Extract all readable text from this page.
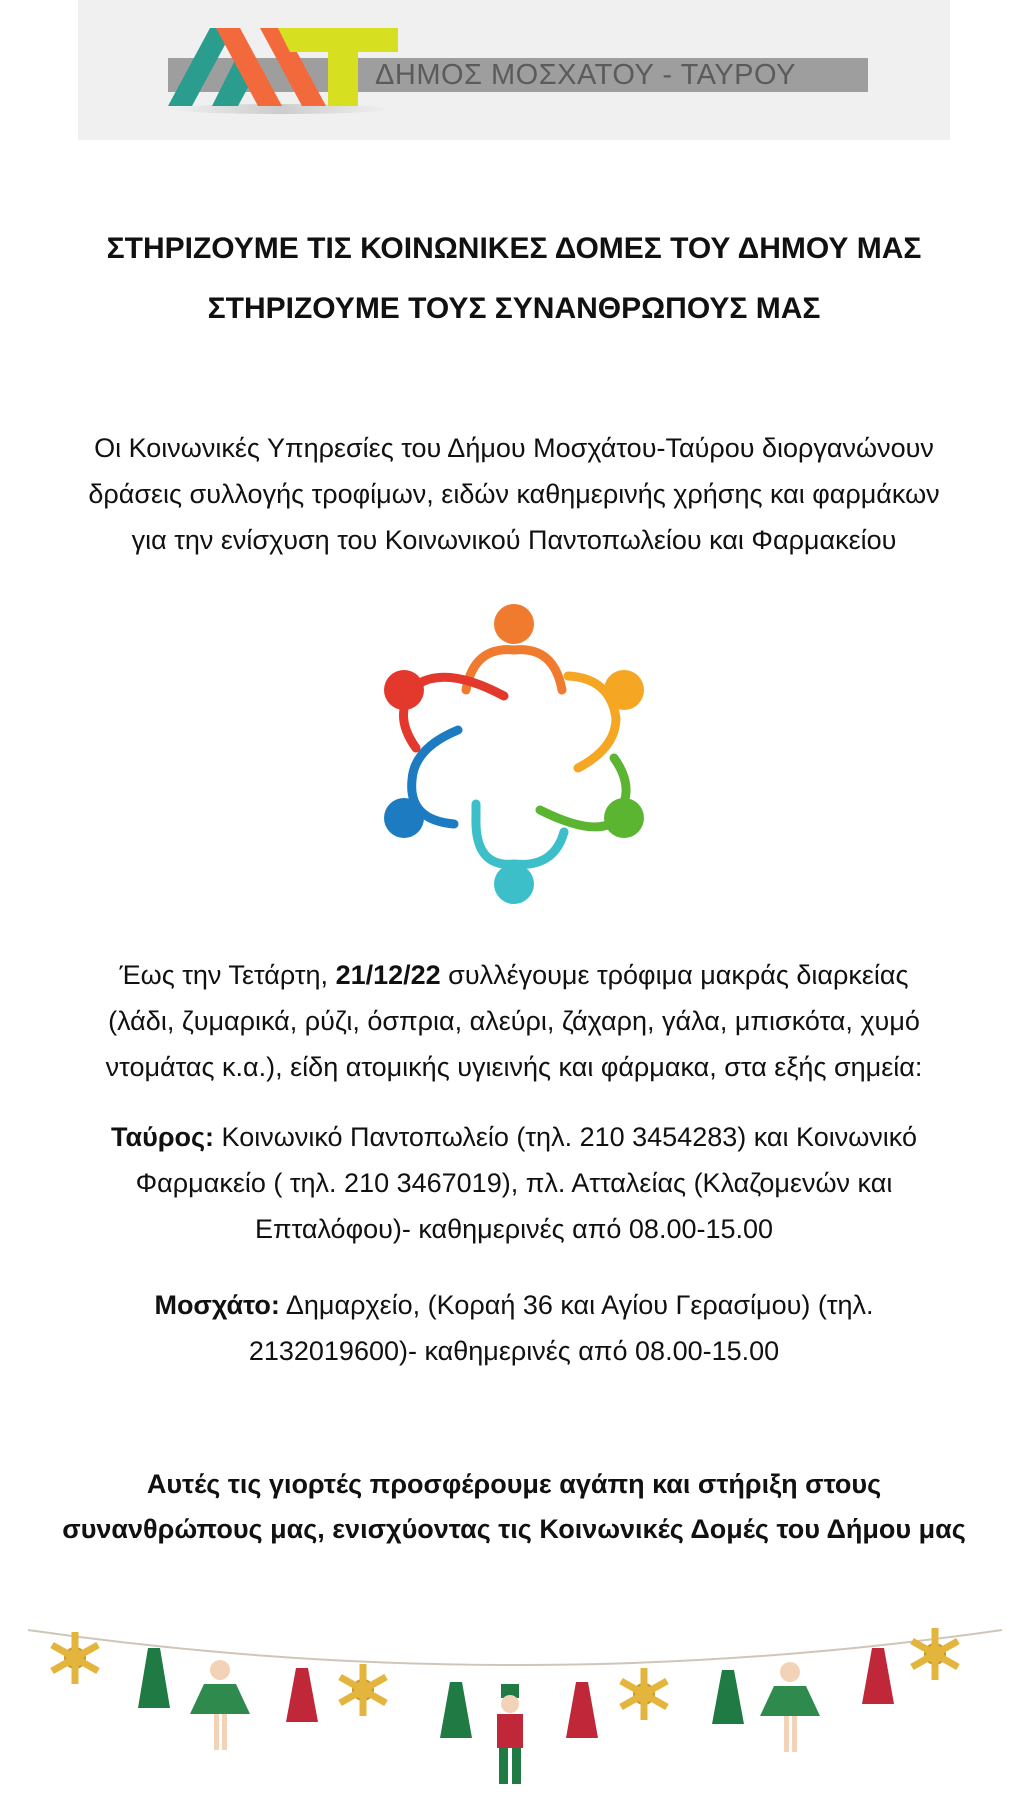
ΔΗΜΟΣ ΜΟΣΧΑΤΟΥ - ΤΑΥΡΟΥ
ΣΤΗΡΙΖΟΥΜΕ ΤΙΣ ΚΟΙΝΩΝΙΚΕΣ ΔΟΜΕΣ ΤΟΥ ΔΗΜΟΥ ΜΑΣ
ΣΤΗΡΙΖΟΥΜΕ ΤΟΥΣ ΣΥΝΑΝΘΡΩΠΟΥΣ ΜΑΣ
Οι Κοινωνικές Υπηρεσίες του Δήμου Μοσχάτου-Ταύρου διοργανώνουν
δράσεις συλλογής τροφίμων, ειδών καθημερινής χρήσης και φαρμάκων
για την ενίσχυση του Κοινωνικού Παντοπωλείου και Φαρμακείου
Έως την Τετάρτη, 21/12/22 συλλέγουμε τρόφιμα μακράς διαρκείας
(λάδι, ζυμαρικά, ρύζι, όσπρια, αλεύρι, ζάχαρη, γάλα, μπισκότα, χυμό
ντομάτας κ.α.), είδη ατομικής υγιεινής και φάρμακα, στα εξής σημεία:
Ταύρος: Κοινωνικό Παντοπωλείο (τηλ. 210 3454283) και Κοινωνικό
Φαρμακείο ( τηλ. 210 3467019), πλ. Ατταλείας (Κλαζομενών και
Επταλόφου)- καθημερινές από 08.00-15.00
Μοσχάτο: Δημαρχείο, (Κοραή 36 και Αγίου Γερασίμου) (τηλ.
2132019600)- καθημερινές από 08.00-15.00
Αυτές τις γιορτές προσφέρουμε αγάπη και στήριξη στους
συνανθρώπους μας, ενισχύοντας τις Κοινωνικές Δομές του Δήμου μας
